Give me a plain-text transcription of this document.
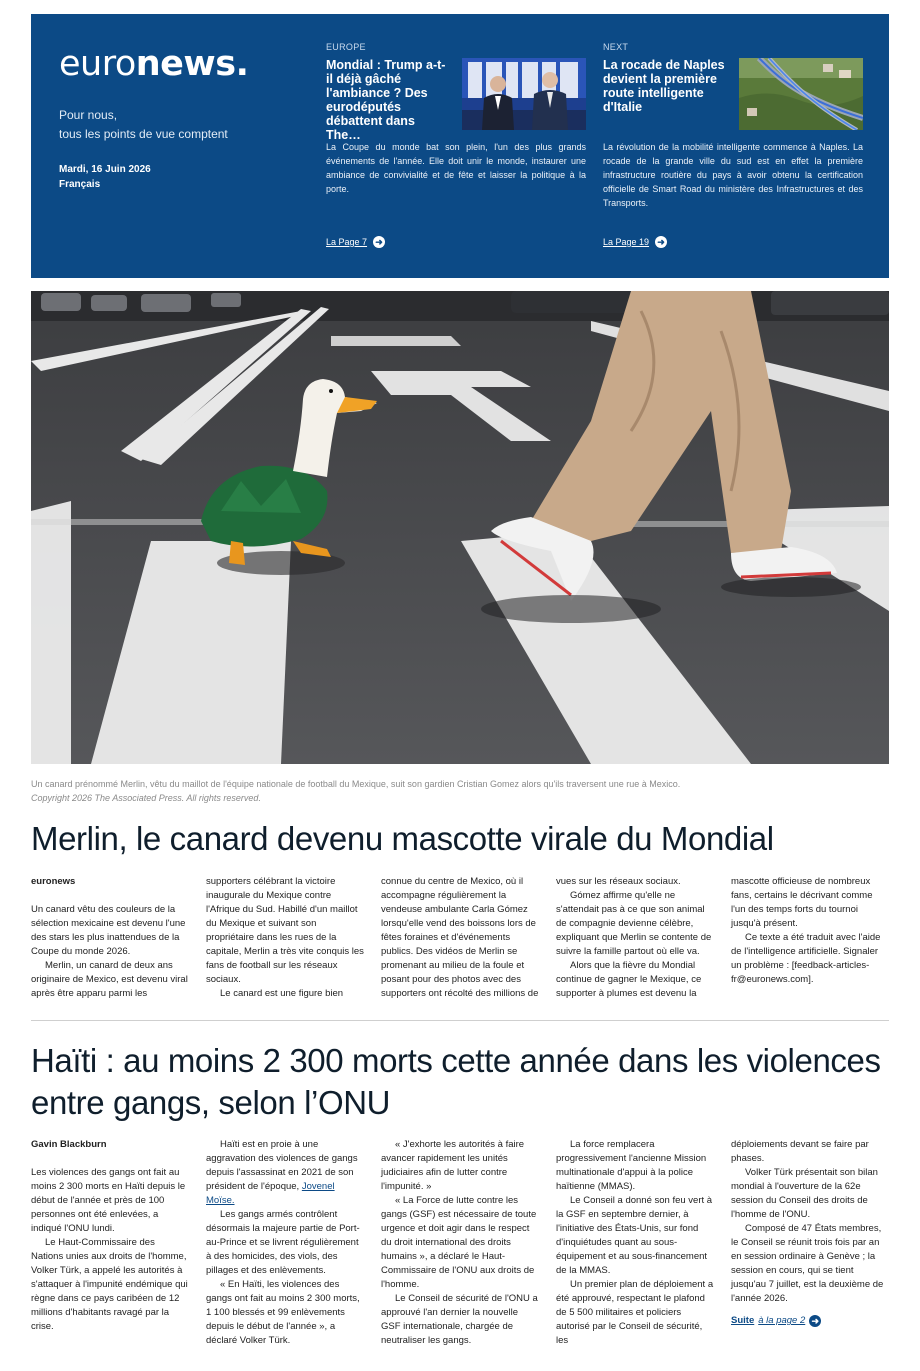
euronews.
Pour nous,
tous les points de vue comptent
Mardi, 16 Juin 2026
Français
EUROPE
Mondial : Trump a-t-il déjà gâché l'ambiance ? Des eurodéputés débattent dans The…
La Coupe du monde bat son plein, l'un des plus grands événements de l'année. Elle doit unir le monde, instaurer une ambiance de convivialité et de fête et laisser la politique à la porte.
NEXT
La rocade de Naples devient la première route intelligente d'Italie
La révolution de la mobilité intelligente commence à Naples. La rocade de la grande ville du sud est en effet la première infrastructure routière du pays à avoir obtenu la certification officielle de Smart Road du ministère des Infrastructures et des Transports.
La Page 7 ➜	La Page 19 ➜
Un canard prénommé Merlin, vêtu du maillot de l'équipe nationale de football du Mexique, suit son gardien Cristian Gomez alors qu'ils traversent une rue à Mexico.
Copyright 2026 The Associated Press. All rights reserved.
Merlin, le canard devenu mascotte virale du Mondial

euronews

Un canard vêtu des couleurs de la sélection mexicaine est devenu l'une des stars les plus inattendues de la Coupe du monde 2026.

Merlin, un canard de deux ans originaire de Mexico, est devenu viral après être apparu parmi les

supporters célébrant la victoire inaugurale du Mexique contre l'Afrique du Sud. Habillé d'un maillot du Mexique et suivant son propriétaire dans les rues de la capitale, Merlin a très vite conquis les fans de football sur les réseaux sociaux.

Le canard est une figure bien

connue du centre de Mexico, où il accompagne régulièrement la vendeuse ambulante Carla Gómez lorsqu'elle vend des boissons lors de fêtes foraines et d'événements publics. Des vidéos de Merlin se promenant au milieu de la foule et posant pour des photos avec des supporters ont récolté des millions de

vues sur les réseaux sociaux.

Gómez affirme qu'elle ne s'attendait pas à ce que son animal de compagnie devienne célèbre, expliquant que Merlin se contente de suivre la famille partout où elle va.

Alors que la fièvre du Mondial continue de gagner le Mexique, ce supporter à plumes est devenu la

mascotte officieuse de nombreux fans, certains le décrivant comme l'un des temps forts du tournoi jusqu'à présent.

Ce texte a été traduit avec l'aide de l'intelligence artificielle. Signaler un problème : [feedback-articles-fr@euronews.com].

Haïti : au moins 2 300 morts cette année dans les violences entre gangs, selon l’ONU

Gavin Blackburn

Les violences des gangs ont fait au moins 2 300 morts en Haïti depuis le début de l'année et près de 100 personnes ont été enlevées, a indiqué l'ONU lundi.

Le Haut-Commissaire des Nations unies aux droits de l'homme, Volker Türk, a appelé les autorités à s'attaquer à l'impunité endémique qui règne dans ce pays caribéen de 12 millions d'habitants ravagé par la crise.

Haïti est en proie à une aggravation des violences de gangs depuis l'assassinat en 2021 de son président de l'époque, Jovenel Moïse.

Les gangs armés contrôlent désormais la majeure partie de Port-au-Prince et se livrent régulièrement à des homicides, des viols, des pillages et des enlèvements.

« En Haïti, les violences des gangs ont fait au moins 2 300 morts, 1 100 blessés et 99 enlèvements depuis le début de l'année », a déclaré Volker Türk.

« J'exhorte les autorités à faire avancer rapidement les unités judiciaires afin de lutter contre l'impunité. »

« La Force de lutte contre les gangs (GSF) est nécessaire de toute urgence et doit agir dans le respect du droit international des droits humains », a déclaré le Haut-Commissaire de l'ONU aux droits de l'homme.

Le Conseil de sécurité de l'ONU a approuvé l'an dernier la nouvelle GSF internationale, chargée de neutraliser les gangs.

La force remplacera progressivement l'ancienne Mission multinationale d'appui à la police haïtienne (MMAS).

Le Conseil a donné son feu vert à la GSF en septembre dernier, à l'initiative des États-Unis, sur fond d'inquiétudes quant au sous-équipement et au sous-financement de la MMAS.

Un premier plan de déploiement a été approuvé, respectant le plafond de 5 500 militaires et policiers autorisé par le Conseil de sécurité, les

déploiements devant se faire par phases.

Volker Türk présentait son bilan mondial à l'ouverture de la 62e session du Conseil des droits de l'homme de l'ONU.

Composé de 47 États membres, le Conseil se réunit trois fois par an en session ordinaire à Genève ; la session en cours, qui se tient jusqu'au 7 juillet, est la deuxième de l'année 2026.

Suite à la page 2 ➜
